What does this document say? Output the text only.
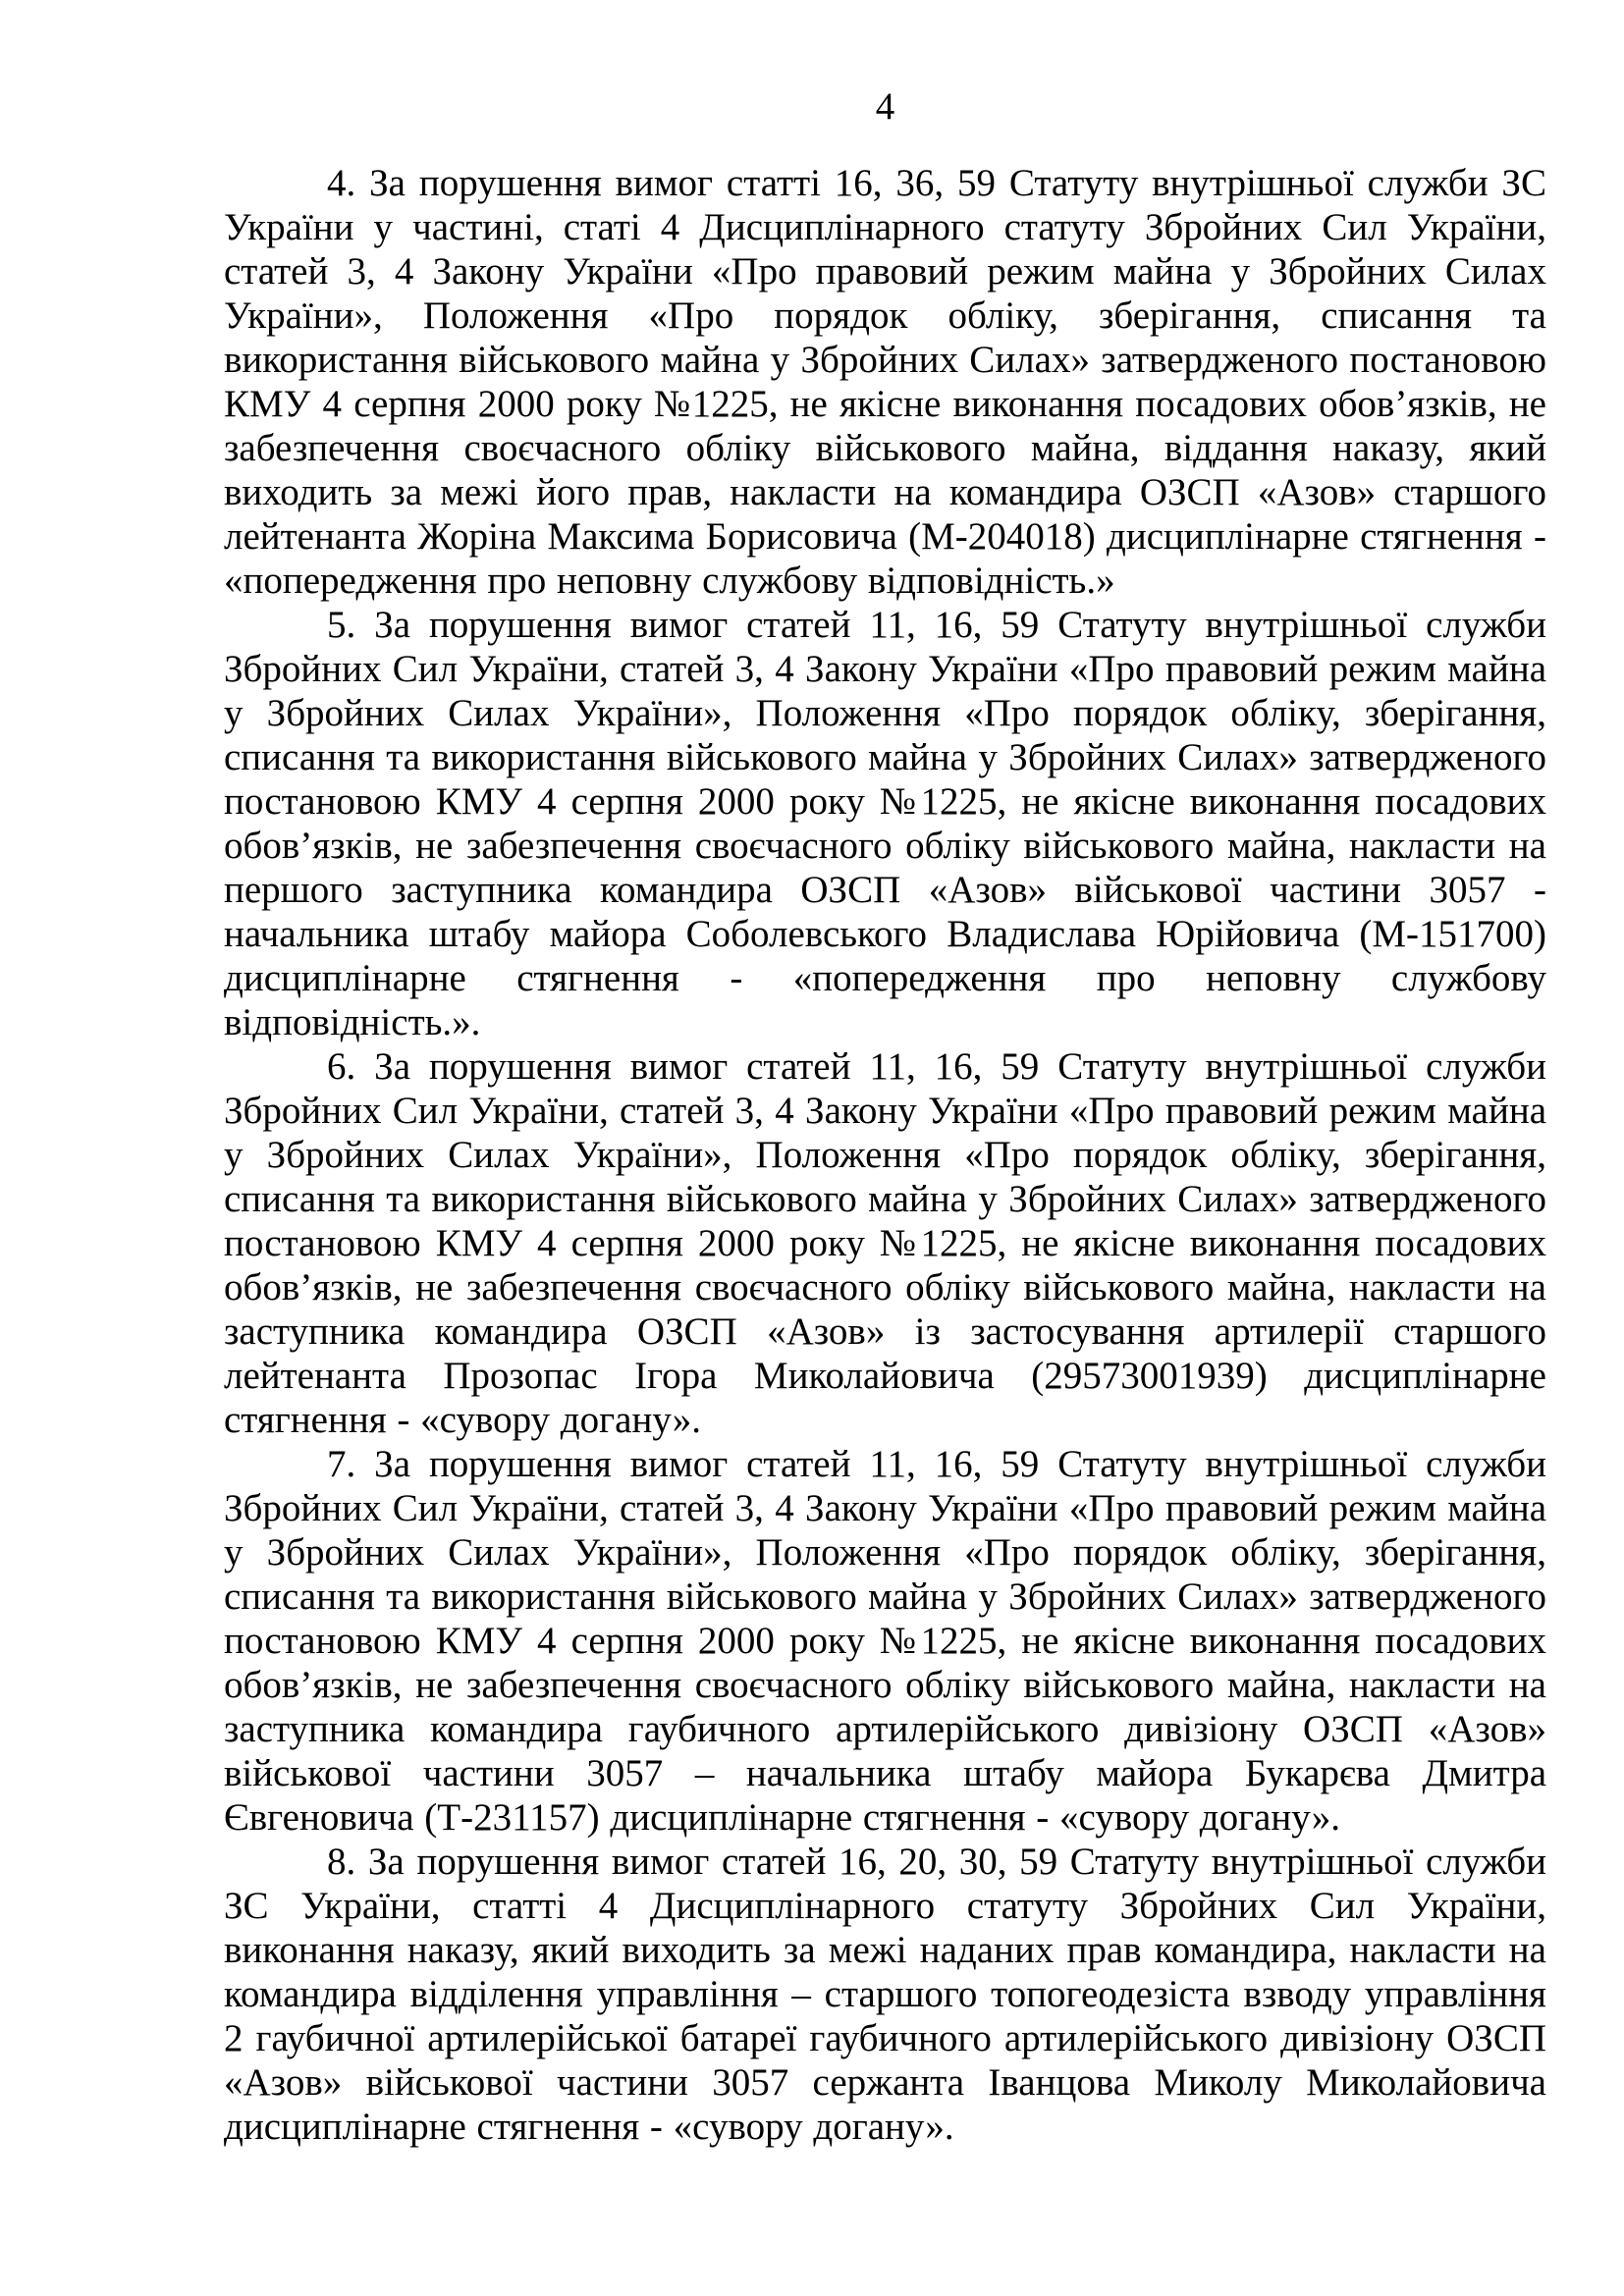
4

4. За порушення вимог статті 16, 36, 59 Статуту внутрішньої служби ЗС України у частині, статі 4 Дисциплінарного статуту Збройних Сил України, статей 3, 4 Закону України «Про правовий режим майна у Збройних Силах України», Положення «Про порядок обліку, зберігання, списання та використання військового майна у Збройних Силах» затвердженого постановою КМУ 4 серпня 2000 року №1225, не якісне виконання посадових обов’язків, не забезпечення своєчасного обліку військового майна, віддання наказу, який виходить за межі його прав, накласти на командира ОЗСП «Азов» старшого лейтенанта Жоріна Максима Борисовича (М-204018) дисциплінарне стягнення - «попередження про неповну службову відповідність.»

5. За порушення вимог статей 11, 16, 59 Статуту внутрішньої служби Збройних Сил України, статей 3, 4 Закону України «Про правовий режим майна у Збройних Силах України», Положення «Про порядок обліку, зберігання, списання та використання військового майна у Збройних Силах» затвердженого постановою КМУ 4 серпня 2000 року №1225, не якісне виконання посадових обов’язків, не забезпечення своєчасного обліку військового майна, накласти на першого заступника командира ОЗСП «Азов» військової частини 3057 - начальника штабу майора Соболевського Владислава Юрійовича (М-151700) дисциплінарне стягнення - «попередження про неповну службову відповідність.».

6. За порушення вимог статей 11, 16, 59 Статуту внутрішньої служби Збройних Сил України, статей 3, 4 Закону України «Про правовий режим майна у Збройних Силах України», Положення «Про порядок обліку, зберігання, списання та використання військового майна у Збройних Силах» затвердженого постановою КМУ 4 серпня 2000 року №1225, не якісне виконання посадових обов’язків, не забезпечення своєчасного обліку військового майна, накласти на заступника командира ОЗСП «Азов» із застосування артилерії старшого лейтенанта Прозопас Ігора Миколайовича (29573001939) дисциплінарне стягнення - «сувору догану».

7. За порушення вимог статей 11, 16, 59 Статуту внутрішньої служби Збройних Сил України, статей 3, 4 Закону України «Про правовий режим майна у Збройних Силах України», Положення «Про порядок обліку, зберігання, списання та використання військового майна у Збройних Силах» затвердженого постановою КМУ 4 серпня 2000 року №1225, не якісне виконання посадових обов’язків, не забезпечення своєчасного обліку військового майна, накласти на заступника командира гаубичного артилерійського дивізіону ОЗСП «Азов» військової частини 3057 – начальника штабу майора Букарєва Дмитра Євгеновича (Т-231157) дисциплінарне стягнення - «сувору догану».

8. За порушення вимог статей 16, 20, 30, 59 Статуту внутрішньої служби ЗС України, статті 4 Дисциплінарного статуту Збройних Сил України, виконання наказу, який виходить за межі наданих прав командира, накласти на командира відділення управління – старшого топогеодезіста взводу управління 2 гаубичної артилерійської батареї гаубичного артилерійського дивізіону ОЗСП «Азов» військової частини 3057 сержанта Іванцова Миколу Миколайовича дисциплінарне стягнення - «сувору догану».
